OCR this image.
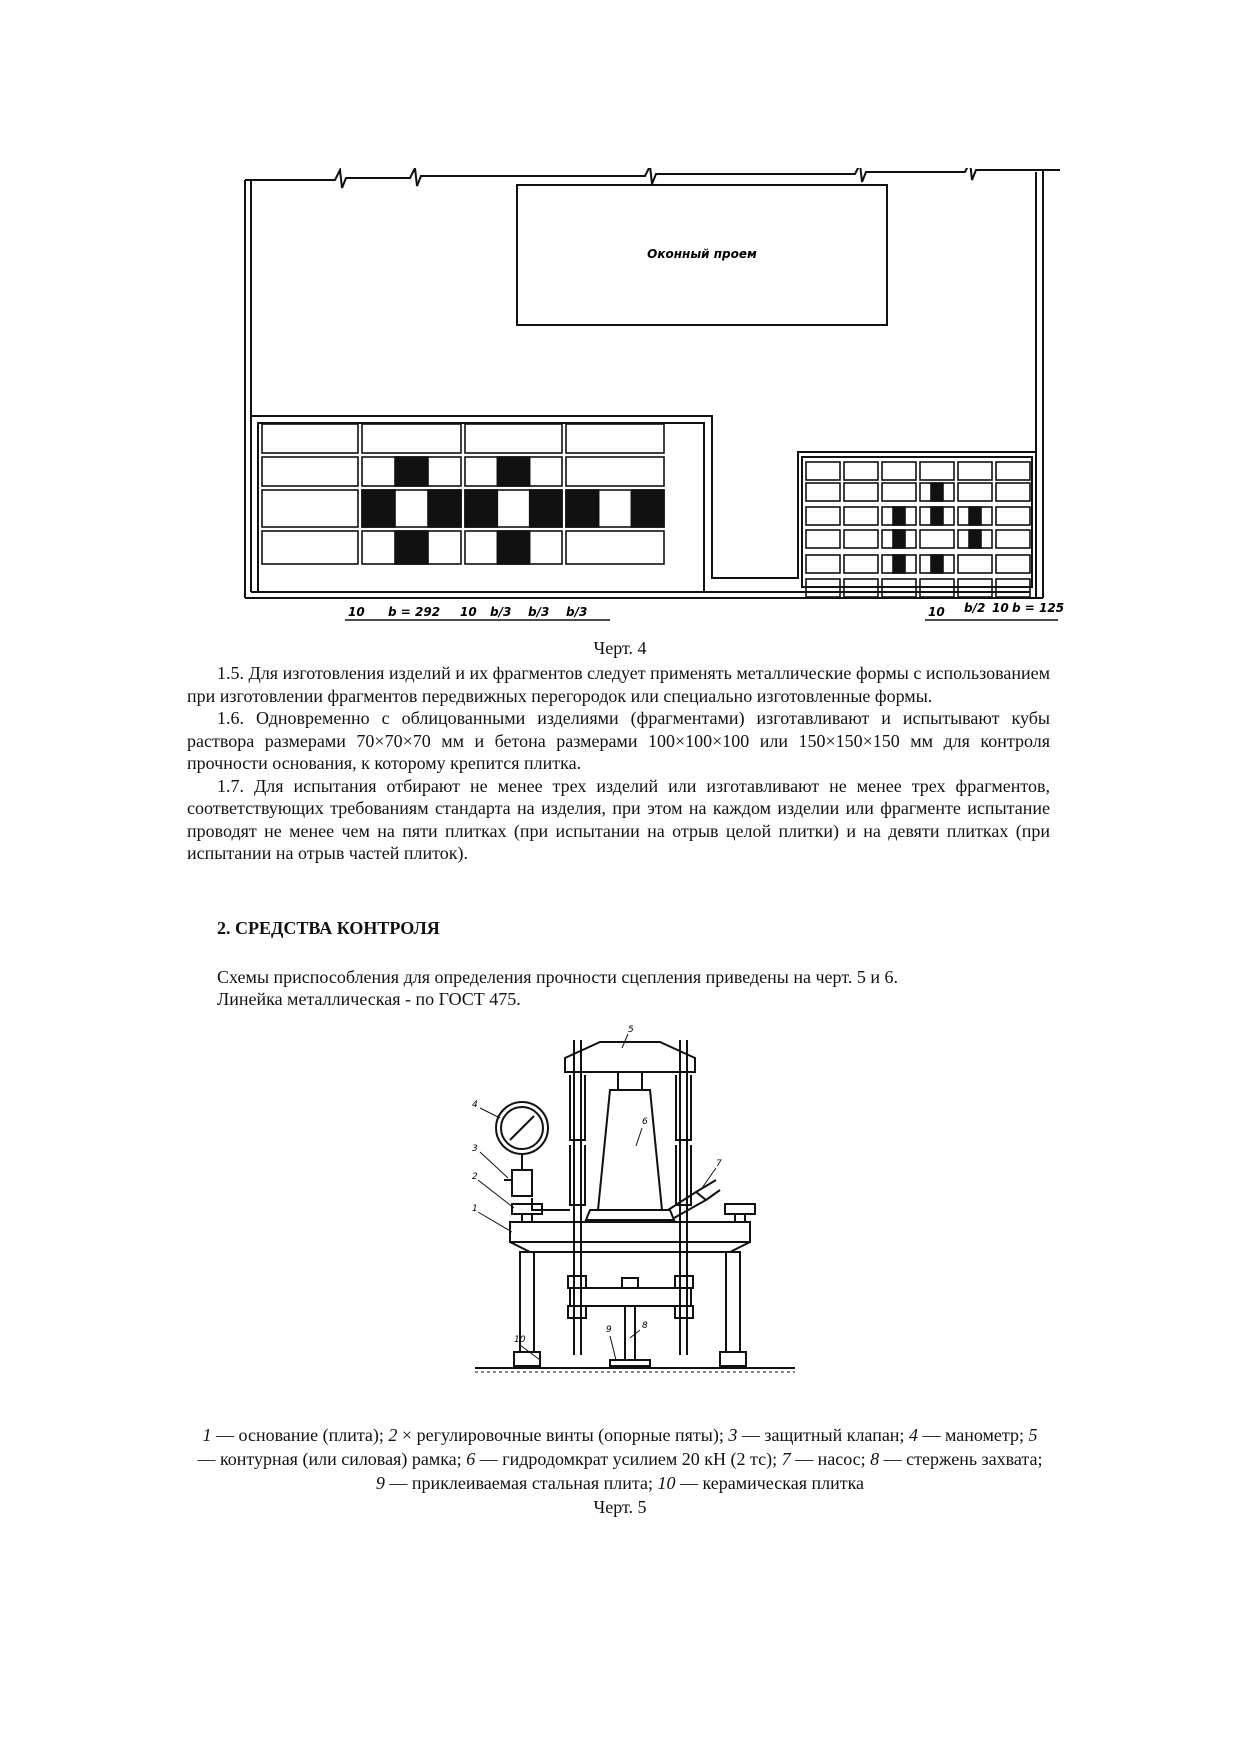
Оконный проем
10 b = 292 10 b/3 b/3 b/3	10 b/2 10 b = 125
Черт. 4

1.5. Для изготовления изделий и их фрагментов следует применять металлические формы с использованием при изготовлении фрагментов передвижных перегородок или специально изготовленные формы.

1.6. Одновременно с облицованными изделиями (фрагментами) изготавливают и испытывают кубы раствора размерами 70×70×70 мм и бетона размерами 100×100×100 или 150×150×150 мм для контроля прочности основания, к которому крепится плитка.

1.7. Для испытания отбирают не менее трех изделий или изготавливают не менее трех фрагментов, соответствующих требованиям стандарта на изделия, при этом на каждом изделии или фрагменте испытание проводят не менее чем на пяти плитках (при испытании на отрыв целой плитки) и на девяти плитках (при испытании на отрыв частей плиток).

2. СРЕДСТВА КОНТРОЛЯ
Схемы приспособления для определения прочности сцепления приведены на черт. 5 и 6.
Линейка металлическая - по ГОСТ 475.
1
2
3
4
5
6
7
8
9
10
1 — основание (плита); 2 × регулировочные винты (опорные пяты); 3 — защитный клапан; 4 — манометр; 5 — контурная (или силовая) рамка; 6 — гидродомкрат усилием 20 кН (2 тс); 7 — насос; 8 — стержень захвата; 9 — приклеиваемая стальная плита; 10 — керамическая плитка
Черт. 5
